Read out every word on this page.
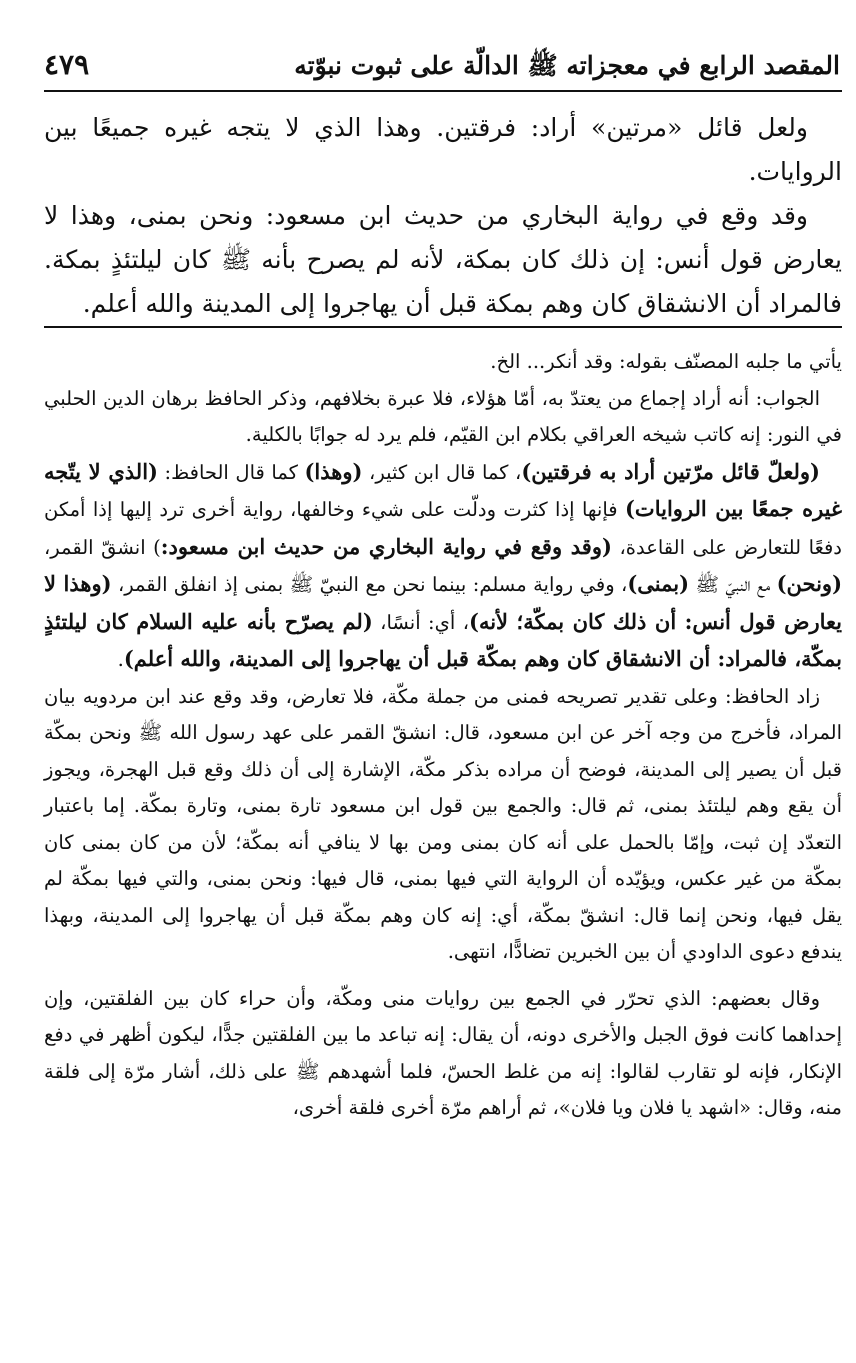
المقصد الرابع في معجزاته ﷺ الدالّة على ثبوت نبوّته
٤٧٩

ولعل قائل «مرتين» أراد: فرقتين. وهذا الذي لا يتجه غيره جميعًا بين الروايات.

وقد وقع في رواية البخاري من حديث ابن مسعود: ونحن بمنى، وهذا لا يعارض قول أنس: إن ذلك كان بمكة، لأنه لم يصرح بأنه ﷺ كان ليلتئذٍ بمكة. فالمراد أن الانشقاق كان وهم بمكة قبل أن يهاجروا إلى المدينة والله أعلم.

يأتي ما جلبه المصنّف بقوله: وقد أنكر... الخ.

الجواب: أنه أراد إجماع من يعتدّ به، أمّا هؤلاء، فلا عبرة بخلافهم، وذكر الحافظ برهان الدين الحلبي في النور: إنه كاتب شيخه العراقي بكلام ابن القيّم، فلم يرد له جوابًا بالكلية.

(ولعلّ قائل مرّتين أراد به فرقتين)، كما قال ابن كثير، (وهذا) كما قال الحافظ: (الذي لا يتّجه غيره جمعًا بين الروايات) فإنها إذا كثرت ودلّت على شيء وخالفها، رواية أخرى ترد إليها إذا أمكن دفعًا للتعارض على القاعدة، (وقد وقع في رواية البخاري من حديث ابن مسعود:) انشقّ القمر، (ونحن) مع النبيّ ﷺ (بمنى)، وفي رواية مسلم: بينما نحن مع النبيّ ﷺ بمنى إذ انفلق القمر، (وهذا لا يعارض قول أنس: أن ذلك كان بمكّة؛ لأنه)، أي: أنسًا، (لم يصرّح بأنه عليه السلام كان ليلتئذٍ بمكّة، فالمراد: أن الانشقاق كان وهم بمكّة قبل أن يهاجروا إلى المدينة، والله أعلم).

زاد الحافظ: وعلى تقدير تصريحه فمنى من جملة مكّة، فلا تعارض، وقد وقع عند ابن مردويه بيان المراد، فأخرج من وجه آخر عن ابن مسعود، قال: انشقّ القمر على عهد رسول الله ﷺ ونحن بمكّة قبل أن يصير إلى المدينة، فوضح أن مراده بذكر مكّة، الإشارة إلى أن ذلك وقع قبل الهجرة، ويجوز أن يقع وهم ليلتئذ بمنى، ثم قال: والجمع بين قول ابن مسعود تارة بمنى، وتارة بمكّة. إما باعتبار التعدّد إن ثبت، وإمّا بالحمل على أنه كان بمنى ومن بها لا ينافي أنه بمكّة؛ لأن من كان بمنى كان بمكّة من غير عكس، ويؤيّده أن الرواية التي فيها بمنى، قال فيها: ونحن بمنى، والتي فيها بمكّة لم يقل فيها، ونحن إنما قال: انشقّ بمكّة، أي: إنه كان وهم بمكّة قبل أن يهاجروا إلى المدينة، وبهذا يندفع دعوى الداودي أن بين الخبرين تضادًّا، انتهى.

وقال بعضهم: الذي تحرّر في الجمع بين روايات منى ومكّة، وأن حراء كان بين الفلقتين، وإن إحداهما كانت فوق الجبل والأخرى دونه، أن يقال: إنه تباعد ما بين الفلقتين جدًّا، ليكون أظهر في دفع الإنكار، فإنه لو تقارب لقالوا: إنه من غلط الحسّ، فلما أشهدهم ﷺ على ذلك، أشار مرّة إلى فلقة منه، وقال: «اشهد يا فلان ويا فلان»، ثم أراهم مرّة أخرى فلقة أخرى،
